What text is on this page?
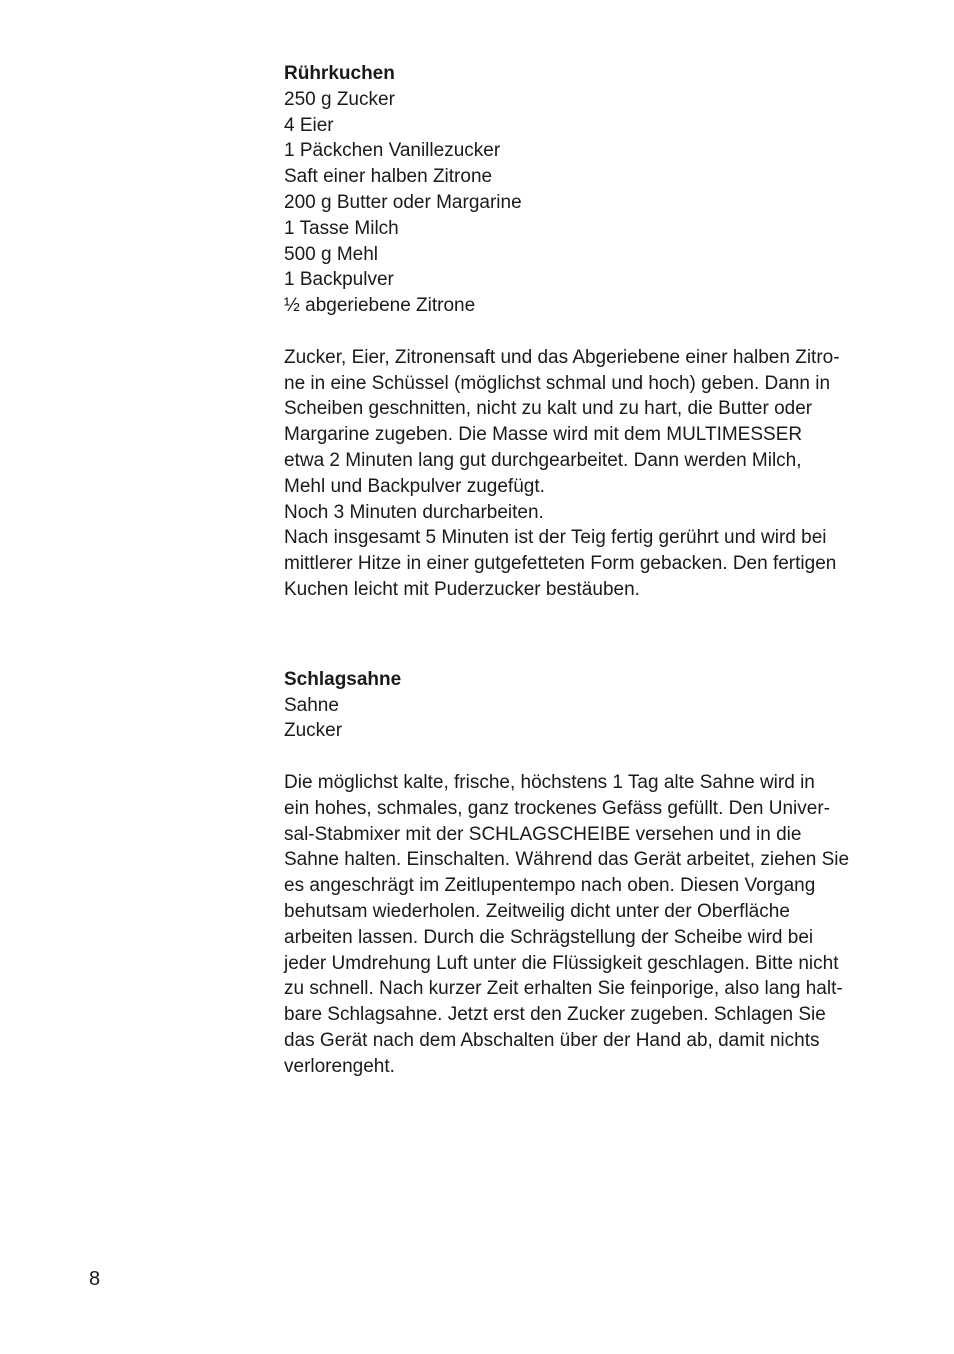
Rührkuchen
250 g Zucker
4 Eier
1 Päckchen Vanillezucker
Saft einer halben Zitrone
200 g Butter oder Margarine
1 Tasse Milch
500 g Mehl
1 Backpulver
½ abgeriebene Zitrone
Zucker, Eier, Zitronensaft und das Abgeriebene einer halben Zitro-
ne in eine Schüssel (möglichst schmal und hoch) geben. Dann in
Scheiben geschnitten, nicht zu kalt und zu hart, die Butter oder
Margarine zugeben. Die Masse wird mit dem MULTIMESSER
etwa 2 Minuten lang gut durchgearbeitet. Dann werden Milch,
Mehl und Backpulver zugefügt.
Noch 3 Minuten durcharbeiten.
Nach insgesamt 5 Minuten ist der Teig fertig gerührt und wird bei
mittlerer Hitze in einer gutgefetteten Form gebacken. Den fertigen
Kuchen leicht mit Puderzucker bestäuben.
Schlagsahne
Sahne
Zucker
Die möglichst kalte, frische, höchstens 1 Tag alte Sahne wird in
ein hohes, schmales, ganz trockenes Gefäss gefüllt. Den Univer-
sal-Stabmixer mit der SCHLAGSCHEIBE versehen und in die
Sahne halten. Einschalten. Während das Gerät arbeitet, ziehen Sie
es angeschrägt im Zeitlupentempo nach oben. Diesen Vorgang
behutsam wiederholen. Zeitweilig dicht unter der Oberfläche
arbeiten lassen. Durch die Schrägstellung der Scheibe wird bei
jeder Umdrehung Luft unter die Flüssigkeit geschlagen. Bitte nicht
zu schnell. Nach kurzer Zeit erhalten Sie feinporige, also lang halt-
bare Schlagsahne. Jetzt erst den Zucker zugeben. Schlagen Sie
das Gerät nach dem Abschalten über der Hand ab, damit nichts
verlorengeht.
8
